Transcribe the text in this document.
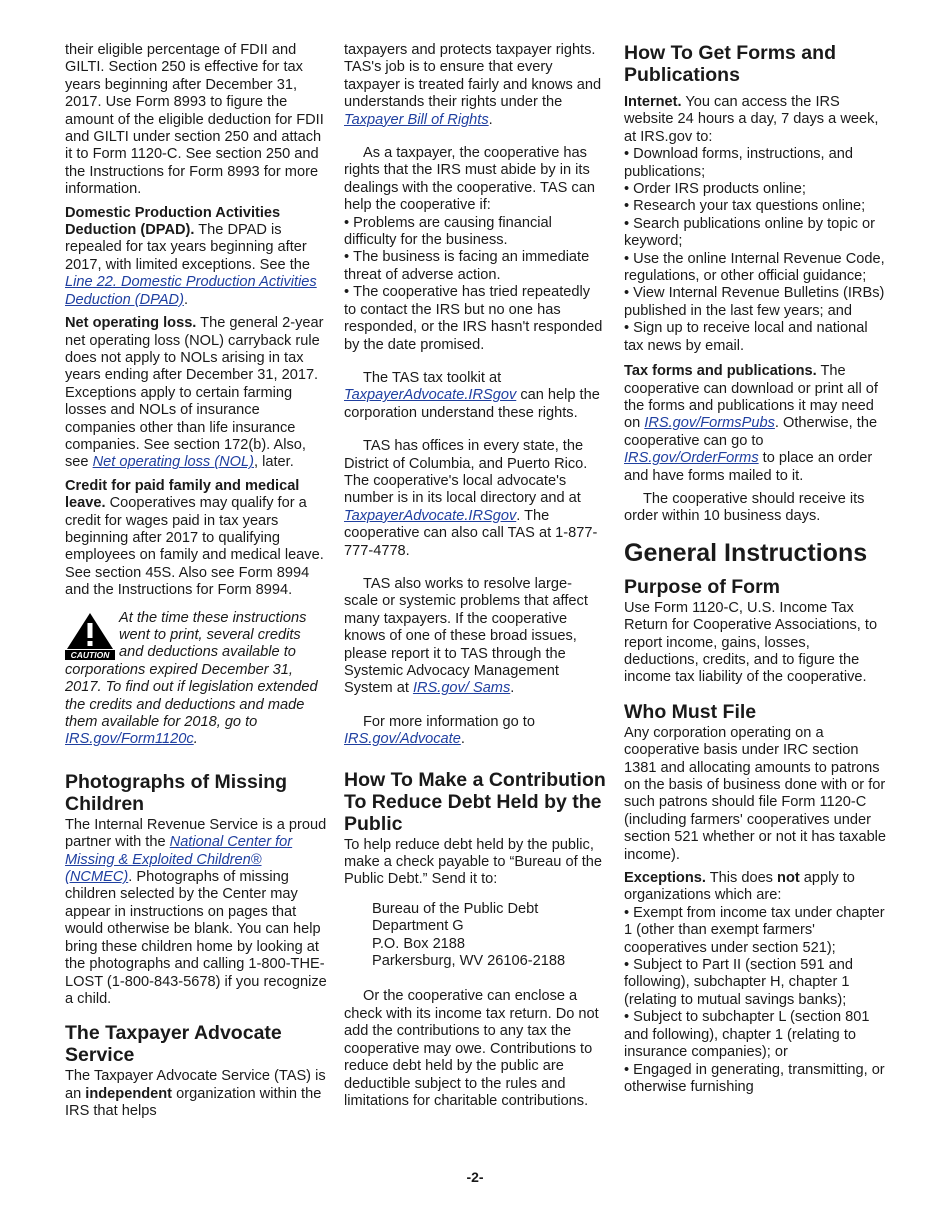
their eligible percentage of FDII and GILTI. Section 250 is effective for tax years beginning after December 31, 2017. Use Form 8993 to figure the amount of the eligible deduction for FDII and GILTI under section 250 and attach it to Form 1120-C. See section 250 and the Instructions for Form 8993 for more information.

Domestic Production Activities Deduction (DPAD). The DPAD is repealed for tax years beginning after 2017, with limited exceptions. See the Line 22. Domestic Production Activities Deduction (DPAD).

Net operating loss. The general 2-year net operating loss (NOL) carryback rule does not apply to NOLs arising in tax years ending after December 31, 2017. Exceptions apply to certain farming losses and NOLs of insurance companies other than life insurance companies. See section 172(b). Also, see Net operating loss (NOL), later.

Credit for paid family and medical leave. Cooperatives may qualify for a credit for wages paid in tax years beginning after 2017 to qualifying employees on family and medical leave. See section 45S. Also see Form 8994 and the Instructions for Form 8994.

CAUTION
At the time these instructions went to print, several credits and deductions available to corporations expired December 31, 2017. To find out if legislation extended the credits and deductions and made them available for 2018, go to IRS.gov/Form1120c.
Photographs of Missing Children

The Internal Revenue Service is a proud partner with the National Center for Missing & Exploited Children® (NCMEC). Photographs of missing children selected by the Center may appear in instructions on pages that would otherwise be blank. You can help bring these children home by looking at the photographs and calling 1-800-THE-LOST (1-800-843-5678) if you recognize a child.

The Taxpayer Advocate Service

The Taxpayer Advocate Service (TAS) is an independent organization within the IRS that helps

taxpayers and protects taxpayer rights. TAS's job is to ensure that every taxpayer is treated fairly and knows and understands their rights under the Taxpayer Bill of Rights.

As a taxpayer, the cooperative has rights that the IRS must abide by in its dealings with the cooperative. TAS can help the cooperative if:

• Problems are causing financial difficulty for the business.

• The business is facing an immediate threat of adverse action.

• The cooperative has tried repeatedly to contact the IRS but no one has responded, or the IRS hasn't responded by the date promised.

The TAS tax toolkit at TaxpayerAdvocate.IRSgov can help the corporation understand these rights.

TAS has offices in every state, the District of Columbia, and Puerto Rico. The cooperative's local advocate's number is in its local directory and at TaxpayerAdvocate.IRSgov. The cooperative can also call TAS at 1-877-777-4778.

TAS also works to resolve large-scale or systemic problems that affect many taxpayers. If the cooperative knows of one of these broad issues, please report it to TAS through the Systemic Advocacy Management System at IRS.gov/ Sams.

For more information go to IRS.gov/Advocate.

How To Make a Contribution To Reduce Debt Held by the Public

To help reduce debt held by the public, make a check payable to “Bureau of the Public Debt.” Send it to:

Bureau of the Public Debt
Department G
P.O. Box 2188
Parkersburg, WV 26106-2188

Or the cooperative can enclose a check with its income tax return. Do not add the contributions to any tax the cooperative may owe. Contributions to reduce debt held by the public are deductible subject to the rules and limitations for charitable contributions.

How To Get Forms and Publications

Internet. You can access the IRS website 24 hours a day, 7 days a week, at IRS.gov to:

• Download forms, instructions, and publications;

• Order IRS products online;

• Research your tax questions online;

• Search publications online by topic or keyword;

• Use the online Internal Revenue Code, regulations, or other official guidance;

• View Internal Revenue Bulletins (IRBs) published in the last few years; and

• Sign up to receive local and national tax news by email.

Tax forms and publications. The cooperative can download or print all of the forms and publications it may need on IRS.gov/FormsPubs. Otherwise, the cooperative can go to IRS.gov/OrderForms to place an order and have forms mailed to it.

The cooperative should receive its order within 10 business days.

General Instructions
Purpose of Form

Use Form 1120-C, U.S. Income Tax Return for Cooperative Associations, to report income, gains, losses, deductions, credits, and to figure the income tax liability of the cooperative.

Who Must File

Any corporation operating on a cooperative basis under IRC section 1381 and allocating amounts to patrons on the basis of business done with or for such patrons should file Form 1120-C (including farmers' cooperatives under section 521 whether or not it has taxable income).

Exceptions. This does not apply to organizations which are:

• Exempt from income tax under chapter 1 (other than exempt farmers' cooperatives under section 521);

• Subject to Part II (section 591 and following), subchapter H, chapter 1 (relating to mutual savings banks);

• Subject to subchapter L (section 801 and following), chapter 1 (relating to insurance companies); or

• Engaged in generating, transmitting, or otherwise furnishing

-2-
